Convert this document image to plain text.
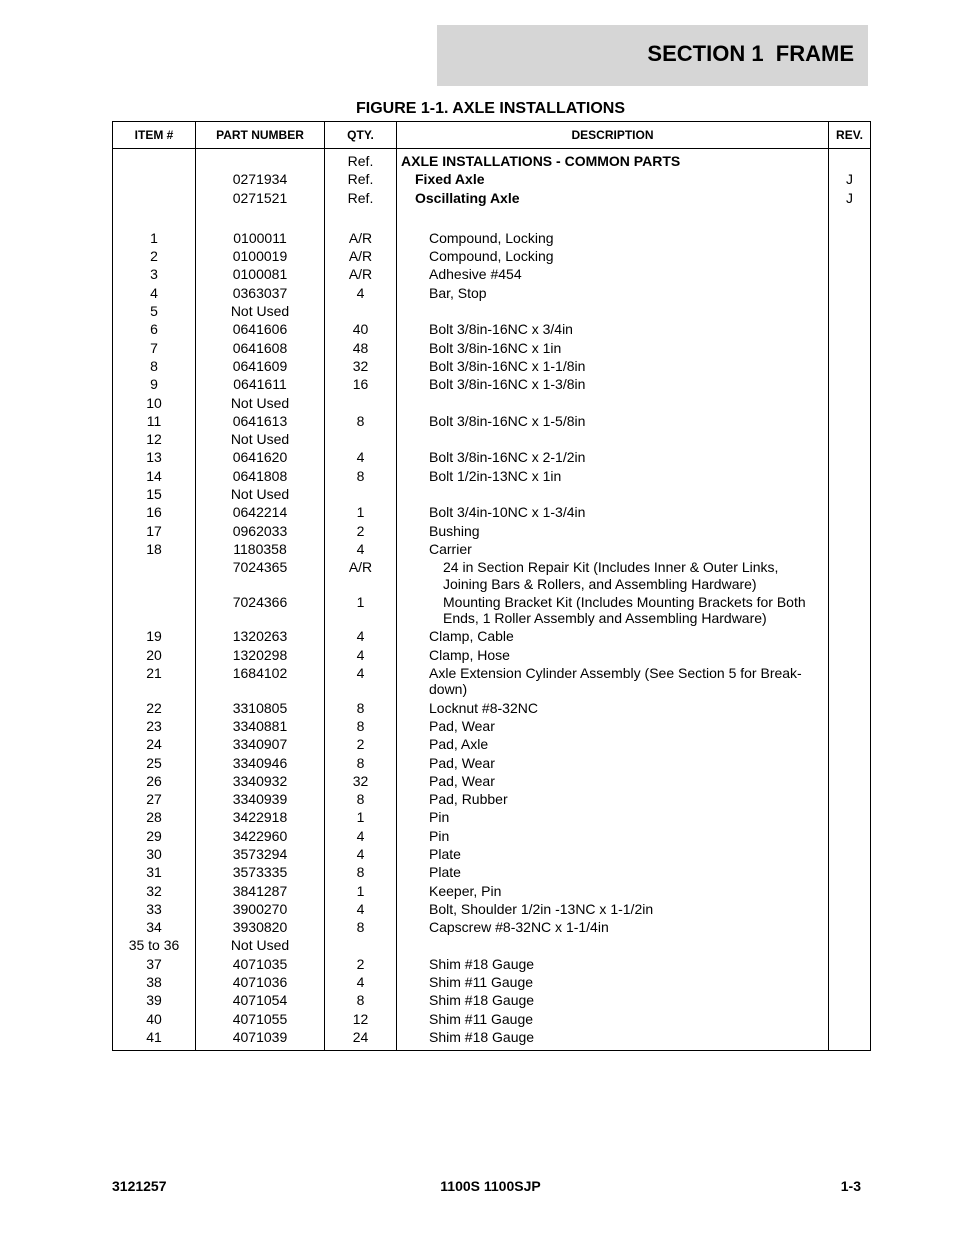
SECTION 1  FRAME
FIGURE 1-1. AXLE INSTALLATIONS
ITEM #	PART NUMBER	QTY.	DESCRIPTION	REV.
		Ref.	AXLE INSTALLATIONS - COMMON PARTS	
	0271934	Ref.	Fixed Axle	J
	0271521	Ref.	Oscillating Axle	J

1	0100011	A/R	Compound, Locking	
2	0100019	A/R	Compound, Locking	
3	0100081	A/R	Adhesive #454	
4	0363037	4	Bar, Stop	
5	Not Used			
6	0641606	40	Bolt 3/8in-16NC x 3/4in	
7	0641608	48	Bolt 3/8in-16NC x 1in	
8	0641609	32	Bolt 3/8in-16NC x 1-1/8in	
9	0641611	16	Bolt 3/8in-16NC x 1-3/8in	
10	Not Used			
11	0641613	8	Bolt 3/8in-16NC x 1-5/8in	
12	Not Used			
13	0641620	4	Bolt 3/8in-16NC x 2-1/2in	
14	0641808	8	Bolt 1/2in-13NC x 1in	
15	Not Used			
16	0642214	1	Bolt 3/4in-10NC x 1-3/4in	
17	0962033	2	Bushing	
18	1180358	4	Carrier	
	7024365	A/R	24 in Section Repair Kit (Includes Inner & Outer Links, Joining Bars & Rollers, and Assembling Hardware)	
	7024366	1	Mounting Bracket Kit (Includes Mounting Brackets for Both Ends, 1 Roller Assembly and Assembling Hardware)	
19	1320263	4	Clamp, Cable	
20	1320298	4	Clamp, Hose	
21	1684102	4	Axle Extension Cylinder Assembly (See Section 5 for Break-down)	
22	3310805	8	Locknut #8-32NC	
23	3340881	8	Pad, Wear	
24	3340907	2	Pad, Axle	
25	3340946	8	Pad, Wear	
26	3340932	32	Pad, Wear	
27	3340939	8	Pad, Rubber	
28	3422918	1	Pin	
29	3422960	4	Pin	
30	3573294	4	Plate	
31	3573335	8	Plate	
32	3841287	1	Keeper, Pin	
33	3900270	4	Bolt, Shoulder 1/2in -13NC x 1-1/2in	
34	3930820	8	Capscrew #8-32NC x 1-1/4in	
35 to 36	Not Used			
37	4071035	2	Shim #18 Gauge	
38	4071036	4	Shim #11 Gauge	
39	4071054	8	Shim #18 Gauge	
40	4071055	12	Shim #11 Gauge	
41	4071039	24	Shim #18 Gauge	
3121257	1100S 1100SJP	1-3
